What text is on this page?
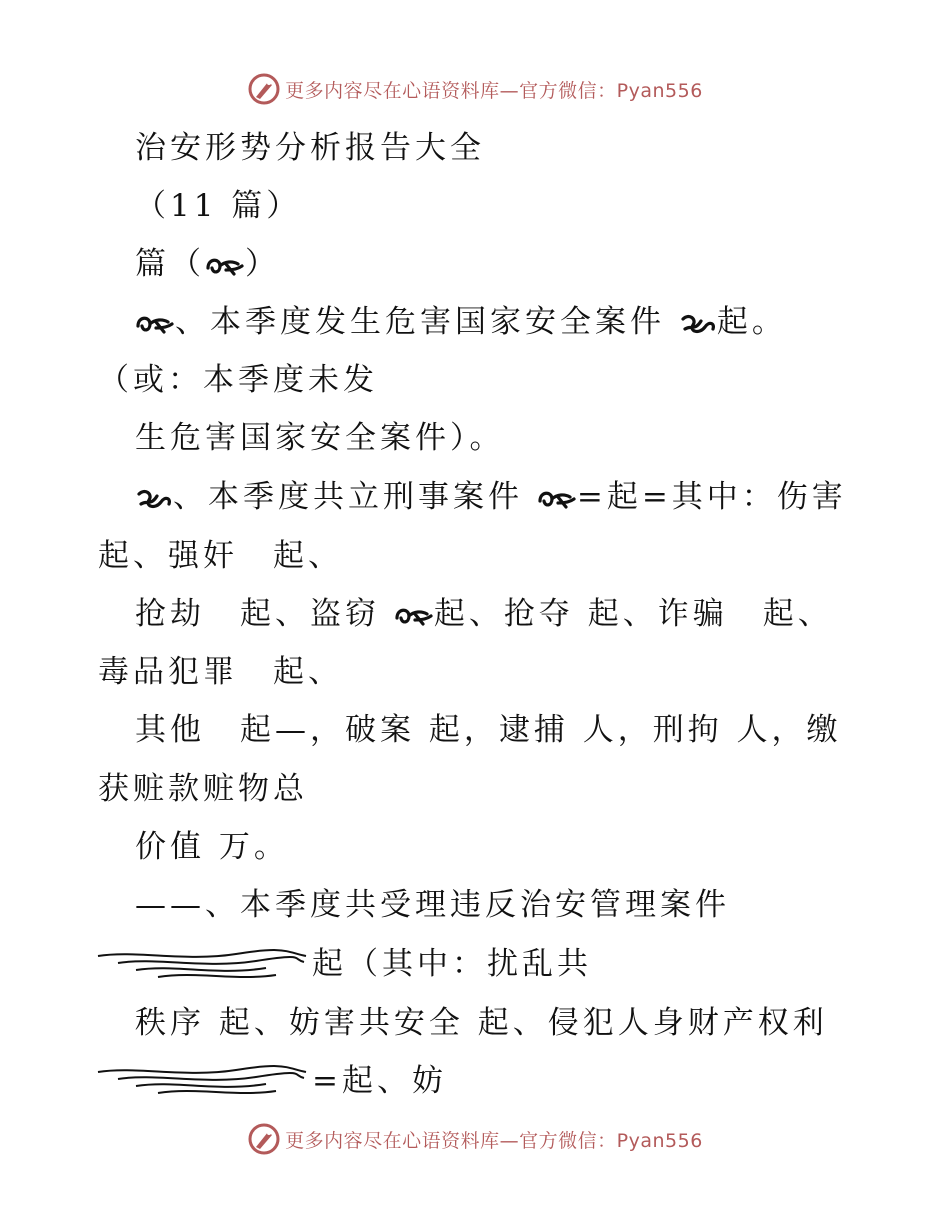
更多内容尽在心语资料库—官方微信：Pyan556
治安形势分析报告大全
（11 篇）
篇（ ）
、本季度发生危害国家安全案件 起。
（或：本季度未发
生危害国家安全案件）。
、本季度共立刑事案件 =起=其中：伤害
起、强奸　起、
抢劫　起、盗窃 起、抢夺 起、诈骗　起、
毒品犯罪　起、
其他　起—，破案 起，逮捕 人，刑拘 人，缴
获赃款赃物总
价值 万。
——、本季度共受理违反治安管理案件
起（其中：扰乱共
秩序 起、妨害共安全 起、侵犯人身财产权利
=起、妨
更多内容尽在心语资料库—官方微信：Pyan556
